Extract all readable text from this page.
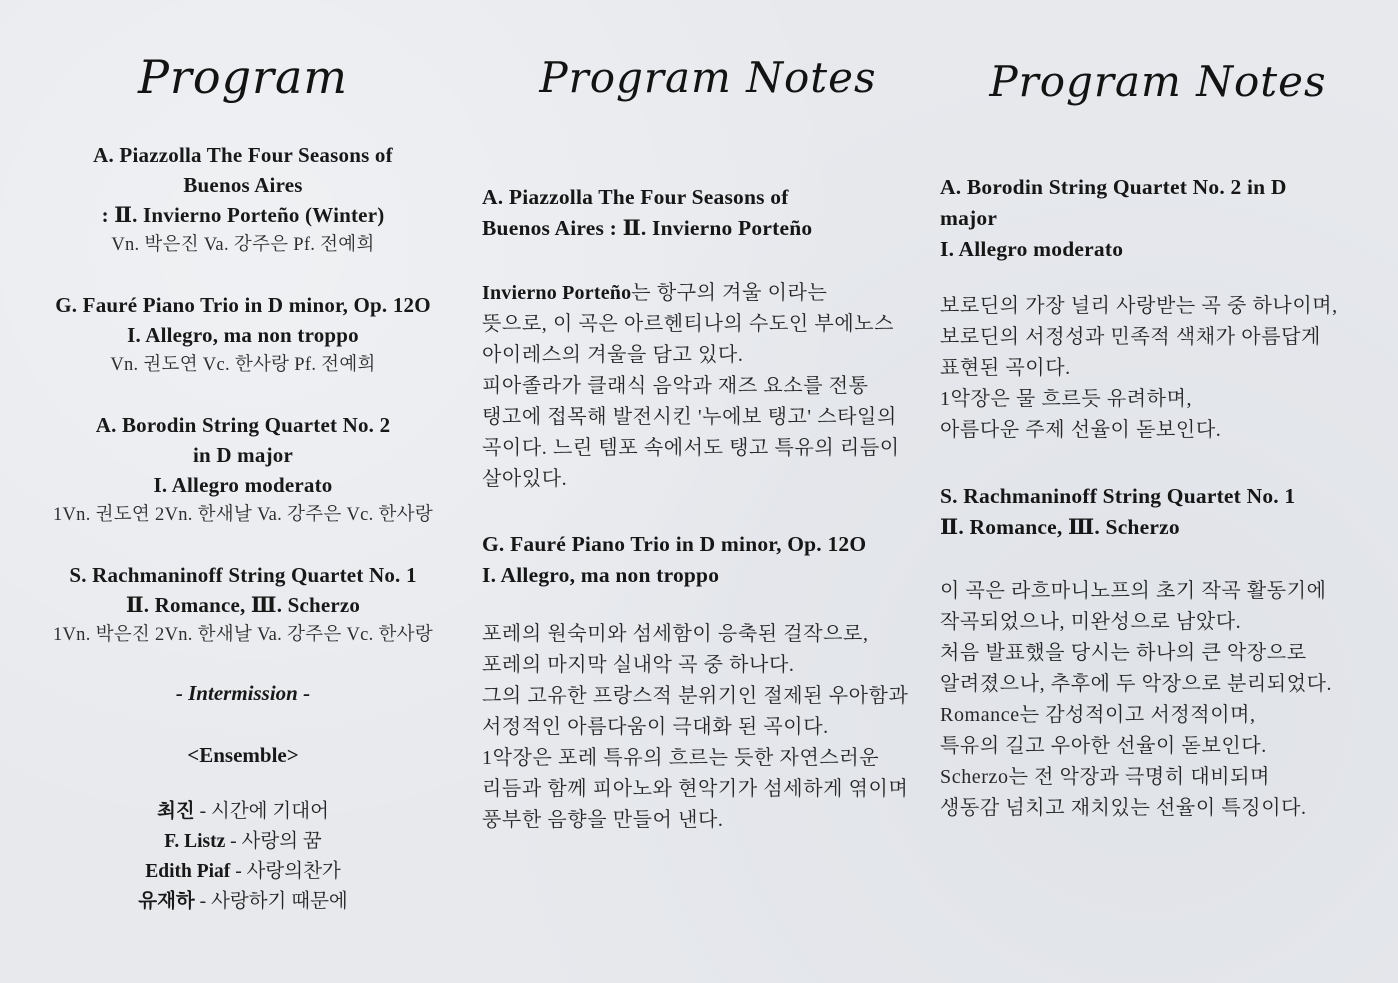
Program
A. Piazzolla The Four Seasons of
Buenos Aires
: Ⅱ. Invierno Porteño (Winter)
Vn. 박은진 Va. 강주은 Pf. 전예희
G. Fauré Piano Trio in D minor, Op. 12O
I. Allegro, ma non troppo
Vn. 권도연 Vc. 한사랑 Pf. 전예희
A. Borodin String Quartet No. 2
in D major
I. Allegro moderato
1Vn. 권도연 2Vn. 한새날 Va. 강주은 Vc. 한사랑
S. Rachmaninoff String Quartet No. 1
Ⅱ. Romance, Ⅲ. Scherzo
1Vn. 박은진 2Vn. 한새날 Va. 강주은 Vc. 한사랑
- Intermission -
<Ensemble>
최진 - 시간에 기대어
F. Listz - 사랑의 꿈
Edith Piaf - 사랑의찬가
유재하 - 사랑하기 때문에
Program Notes
A. Piazzolla The Four Seasons of
Buenos Aires : Ⅱ. Invierno Porteño
Invierno Porteño는 항구의 겨울 이라는
뜻으로, 이 곡은 아르헨티나의 수도인 부에노스
아이레스의 겨울을 담고 있다.
피아졸라가 클래식 음악과 재즈 요소를 전통
탱고에 접목해 발전시킨 '누에보 탱고' 스타일의
곡이다. 느린 템포 속에서도 탱고 특유의 리듬이
살아있다.
G. Fauré Piano Trio in D minor, Op. 12O
I. Allegro, ma non troppo
포레의 원숙미와 섬세함이 응축된 걸작으로,
포레의 마지막 실내악 곡 중 하나다.
그의 고유한 프랑스적 분위기인 절제된 우아함과
서정적인 아름다움이 극대화 된 곡이다.
1악장은 포레 특유의 흐르는 듯한 자연스러운
리듬과 함께 피아노와 현악기가 섬세하게 엮이며
풍부한 음향을 만들어 낸다.
Program Notes
A. Borodin String Quartet No. 2 in D
major
I. Allegro moderato
보로딘의 가장 널리 사랑받는 곡 중 하나이며,
보로딘의 서정성과 민족적 색채가 아름답게
표현된 곡이다.
1악장은 물 흐르듯 유려하며,
아름다운 주제 선율이 돋보인다.
S. Rachmaninoff String Quartet No. 1
Ⅱ. Romance, Ⅲ. Scherzo
이 곡은 라흐마니노프의 초기 작곡 활동기에
작곡되었으나, 미완성으로 남았다.
처음 발표했을 당시는 하나의 큰 악장으로
알려졌으나, 추후에 두 악장으로 분리되었다.
Romance는 감성적이고 서정적이며,
특유의 길고 우아한 선율이 돋보인다.
Scherzo는 전 악장과 극명히 대비되며
생동감 넘치고 재치있는 선율이 특징이다.
